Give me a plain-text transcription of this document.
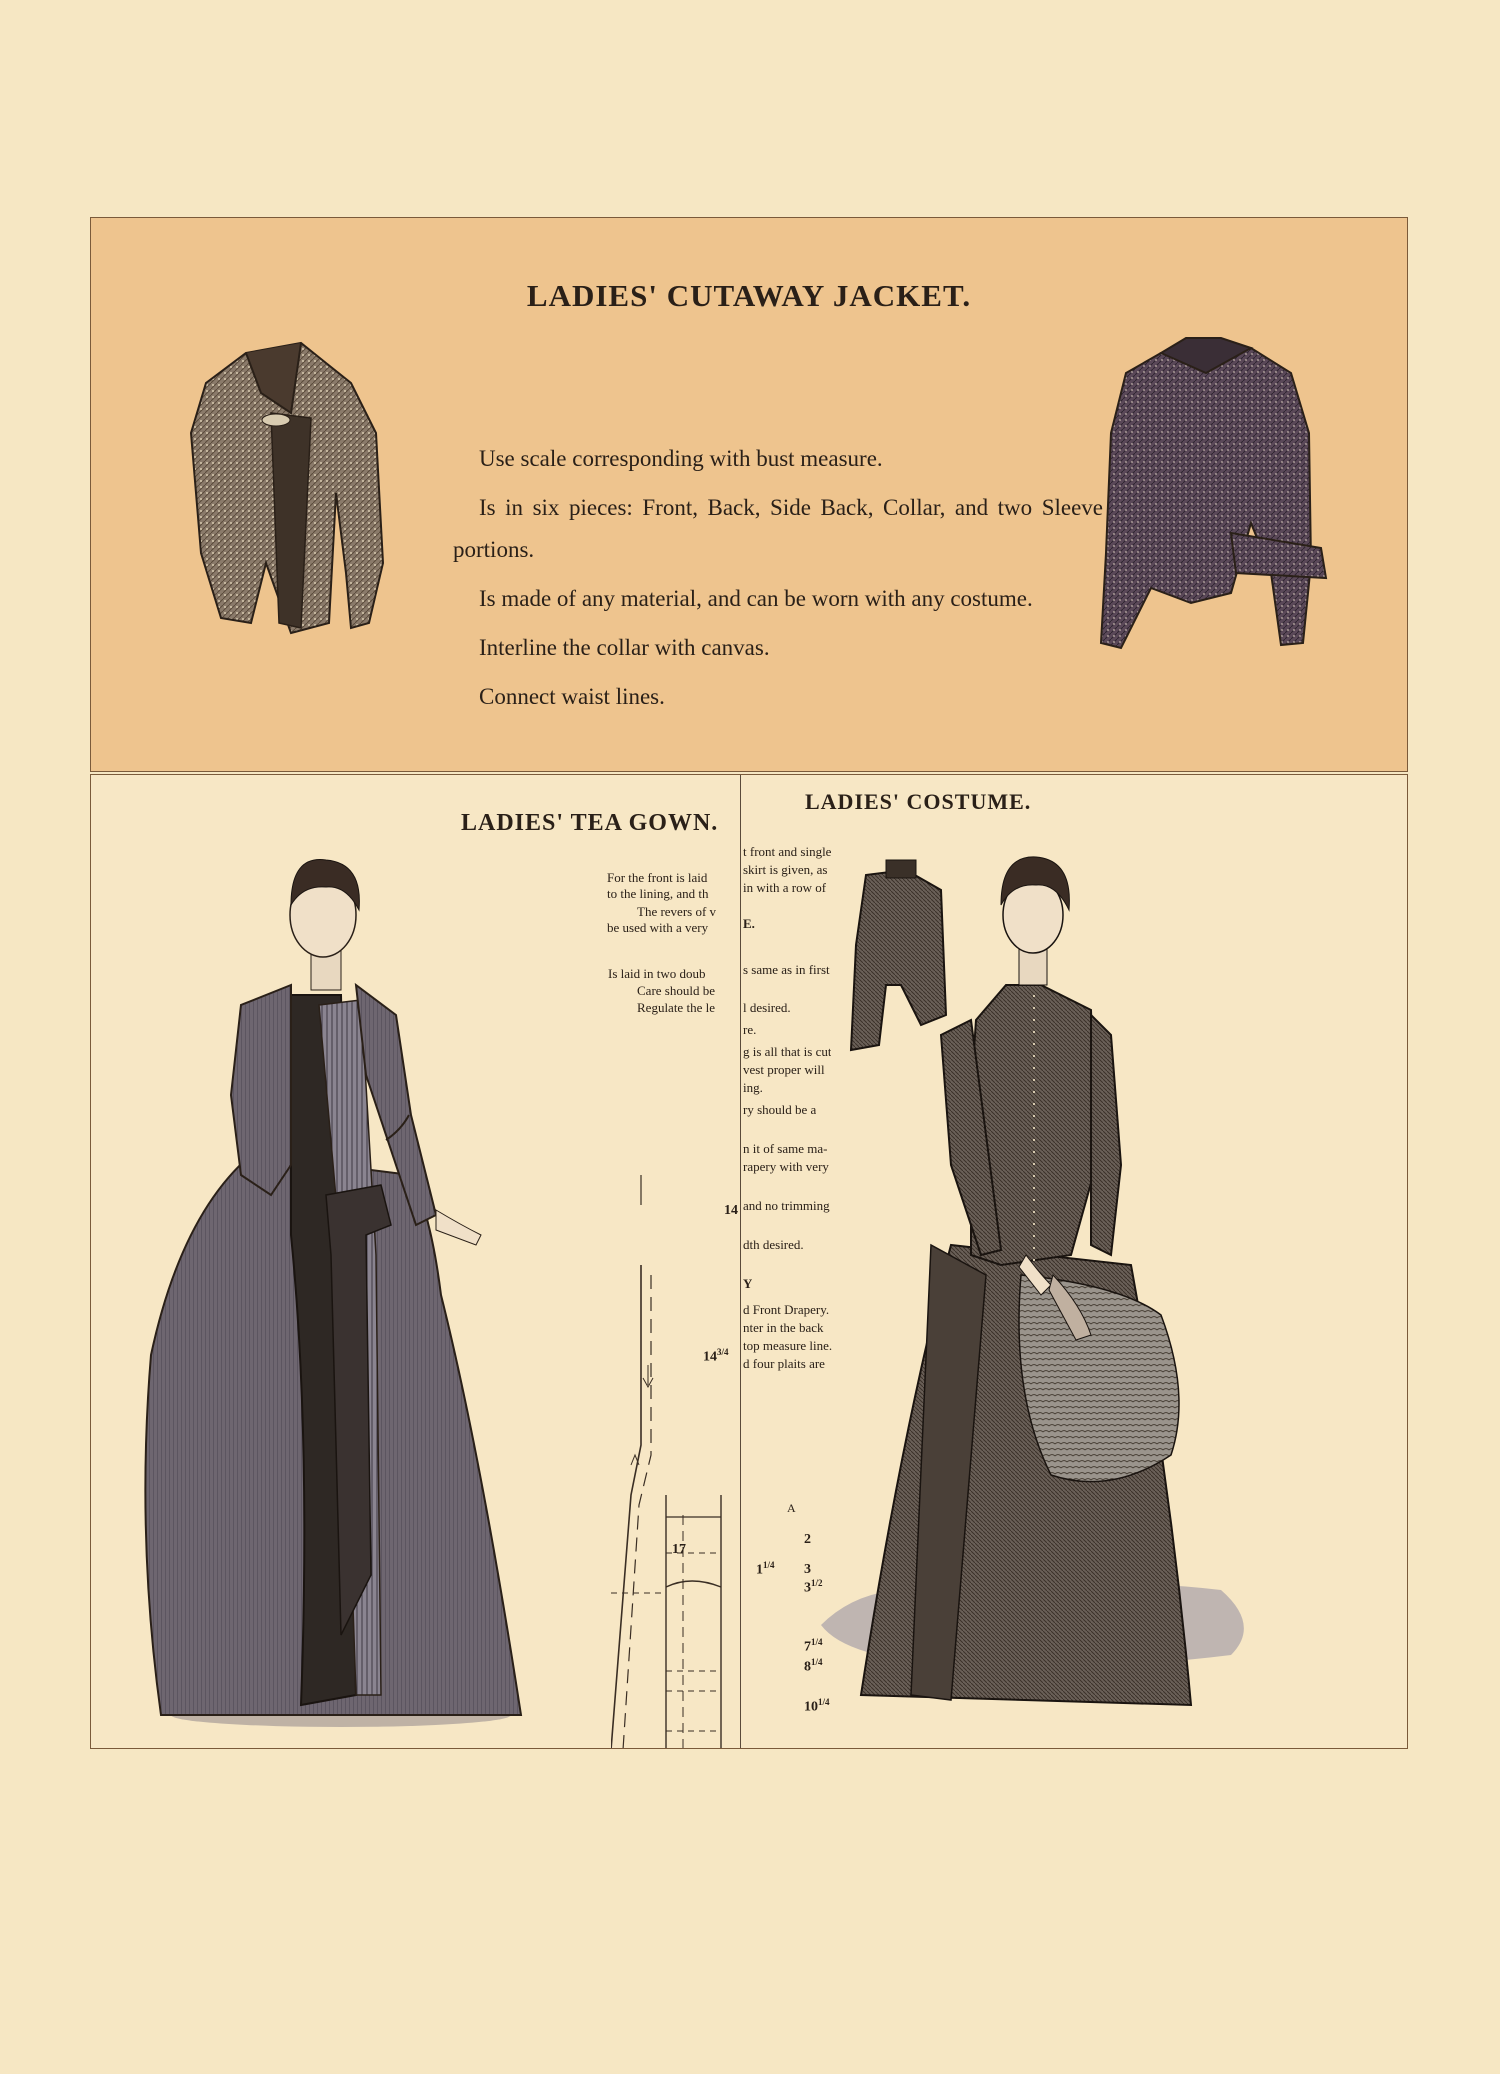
LADIES' CUTAWAY JACKET.

Use scale corresponding with bust measure.

Is in six pieces: Front, Back, Side Back, Collar, and two Sleeve portions.

Is made of any material, and can be worn with any costume.

Interline the collar with canvas.

Connect waist lines.

LADIES' TEA GOWN.
LADIES' COSTUME.
For the front is laid
to the lining, and th
The revers of v
be used with a very
Is laid in two doub
Care should be
Regulate the le
t front and single
skirt is given, as
in with a row of
E.
s same as in first
l desired.
re.
g is all that is cut
vest proper will
ing.
ry should be a
n it of same ma-
rapery with very
and no trimming
dth desired.
Y
d Front Drapery.
nter in the back
top measure line.
d four plaits are
14
$14^{3/4}$
17
A
2
$1^{1/4}$ 3
$3^{1/2}$
$7^{1/4}$
$8^{1/4}$
$10^{1/4}$
